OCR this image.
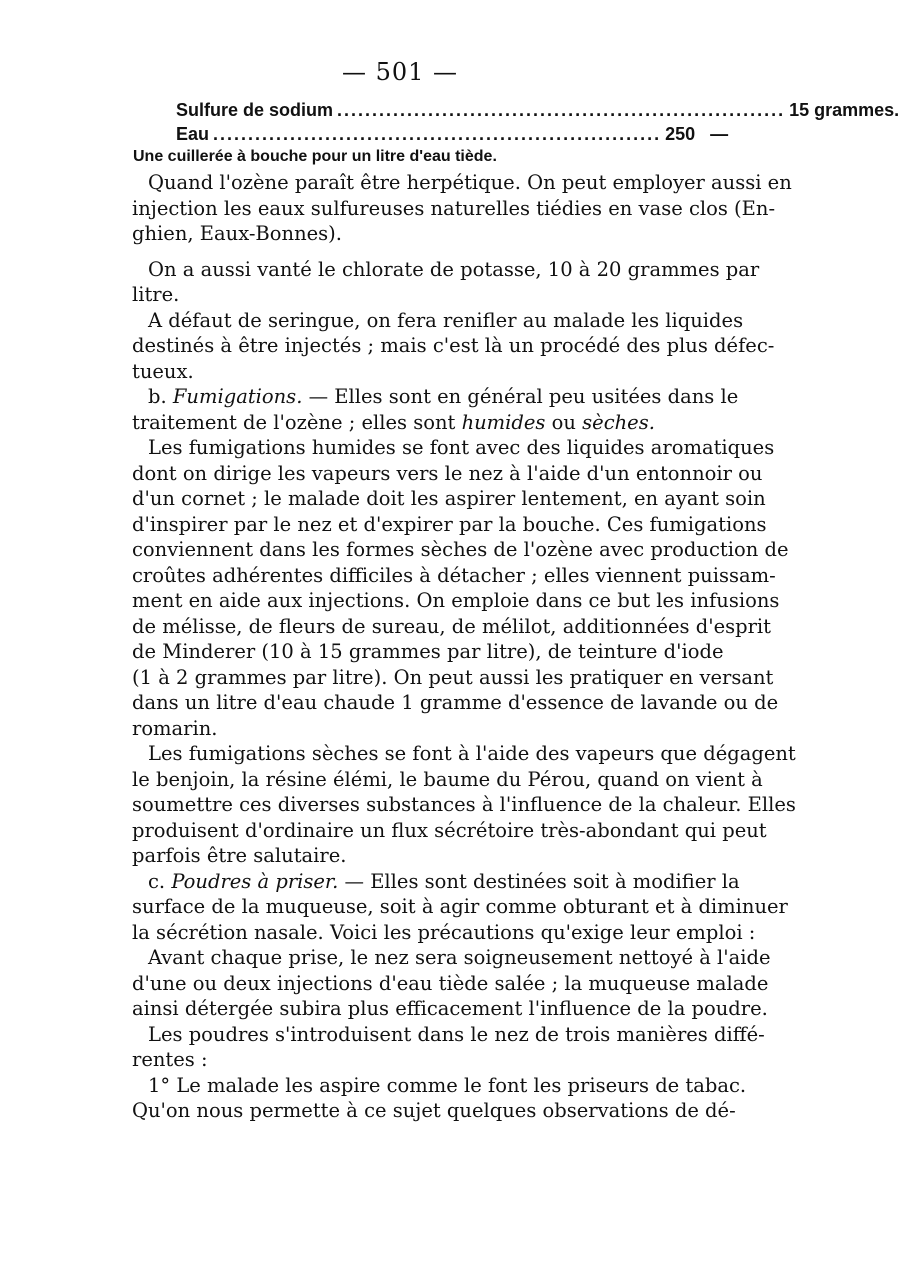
— 501 —
Sulfure de sodium ................................................................ 15 grammes.
Eau ................................................................ 250   —
Une cuillerée à bouche pour un litre d'eau tiède.
Quand l'ozène paraît être herpétique. On peut employer aussi en
injection les eaux sulfureuses naturelles tiédies en vase clos (En-
ghien, Eaux-Bonnes).
On a aussi vanté le chlorate de potasse, 10 à 20 grammes par
litre.
A défaut de seringue, on fera renifler au malade les liquides
destinés à être injectés ; mais c'est là un procédé des plus défec-
tueux.
b. Fumigations. — Elles sont en général peu usitées dans le
traitement de l'ozène ; elles sont humides ou sèches.
Les fumigations humides se font avec des liquides aromatiques
dont on dirige les vapeurs vers le nez à l'aide d'un entonnoir ou
d'un cornet ; le malade doit les aspirer lentement, en ayant soin
d'inspirer par le nez et d'expirer par la bouche. Ces fumigations
conviennent dans les formes sèches de l'ozène avec production de
croûtes adhérentes difficiles à détacher ; elles viennent puissam-
ment en aide aux injections. On emploie dans ce but les infusions
de mélisse, de fleurs de sureau, de mélilot, additionnées d'esprit
de Minderer (10 à 15 grammes par litre), de teinture d'iode
(1 à 2 grammes par litre). On peut aussi les pratiquer en versant
dans un litre d'eau chaude 1 gramme d'essence de lavande ou de
romarin.
Les fumigations sèches se font à l'aide des vapeurs que dégagent
le benjoin, la résine élémi, le baume du Pérou, quand on vient à
soumettre ces diverses substances à l'influence de la chaleur. Elles
produisent d'ordinaire un flux sécrétoire très-abondant qui peut
parfois être salutaire.
c. Poudres à priser. — Elles sont destinées soit à modifier la
surface de la muqueuse, soit à agir comme obturant et à diminuer
la sécrétion nasale. Voici les précautions qu'exige leur emploi :
Avant chaque prise, le nez sera soigneusement nettoyé à l'aide
d'une ou deux injections d'eau tiède salée ; la muqueuse malade
ainsi détergée subira plus efficacement l'influence de la poudre.
Les poudres s'introduisent dans le nez de trois manières diffé-
rentes :
1° Le malade les aspire comme le font les priseurs de tabac.
Qu'on nous permette à ce sujet quelques observations de dé-
